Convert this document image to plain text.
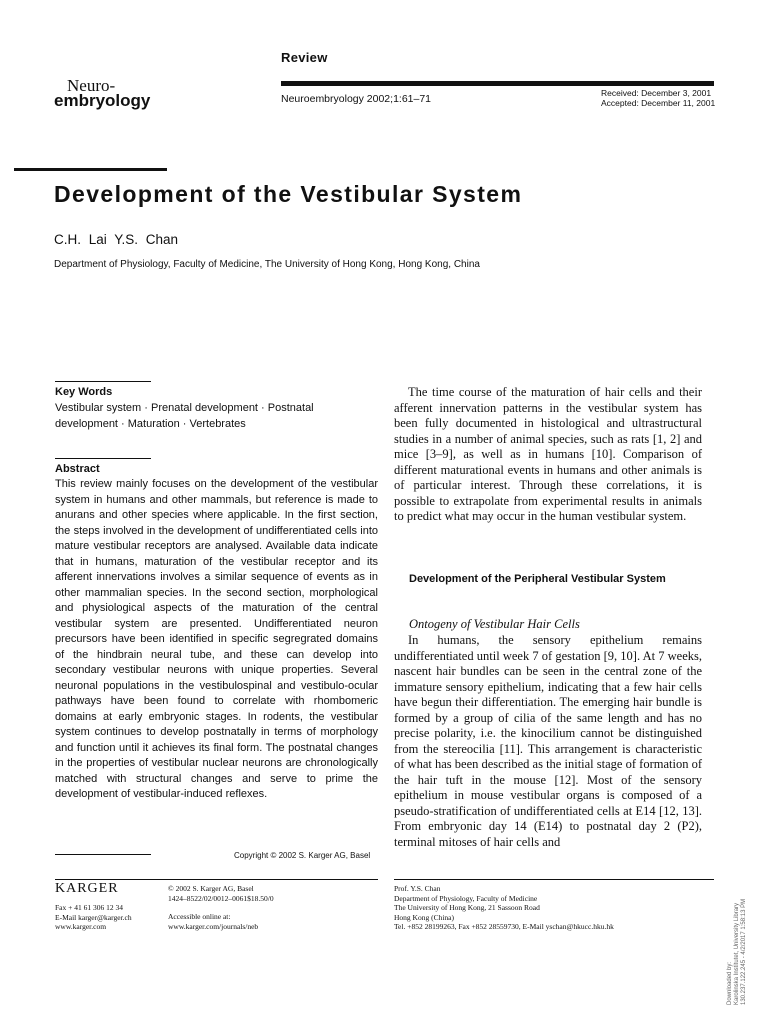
Review
Neuro-
embryology	Neuroembryology 2002;1:61–71	Received: December 3, 2001
Accepted: December 11, 2001
Development of the Vestibular System
C.H. Lai Y.S. Chan
Department of Physiology, Faculty of Medicine, The University of Hong Kong, Hong Kong, China
Key Words
Vestibular system · Prenatal development · Postnatal development · Maturation · Vertebrates
Abstract
This review mainly focuses on the development of the vestibular system in humans and other mammals, but reference is made to anurans and other species where applicable. In the first section, the steps involved in the development of undifferentiated cells into mature vestibular receptors are analysed. Available data indicate that in humans, maturation of the vestibular receptor and its afferent innervations involves a similar sequence of events as in other mammalian species. In the second section, morphological and physiological aspects of the maturation of the central vestibular system are presented. Undifferentiated neuron precursors have been identified in specific segregrated domains of the hindbrain neural tube, and these can develop into secondary vestibular neurons with unique properties. Several neuronal populations in the vestibulospinal and vestibulo-ocular pathways have been found to correlate with rhombomeric domains at early embryonic stages. In rodents, the vestibular system continues to develop postnatally in terms of morphology and function until it achieves its final form. The postnatal changes in the properties of vestibular nuclear neurons are chronologically matched with structural changes and serve to prime the development of vestibular-induced reflexes.
Copyright © 2002 S. Karger AG, Basel
The time course of the maturation of hair cells and their afferent innervation patterns in the vestibular system has been fully documented in histological and ultrastructural studies in a number of animal species, such as rats [1, 2] and mice [3–9], as well as in humans [10]. Comparison of different maturational events in humans and other animals is of particular interest. Through these correlations, it is possible to extrapolate from experimental results in animals to predict what may occur in the human vestibular system.
Development of the Peripheral Vestibular System
Ontogeny of Vestibular Hair Cells
In humans, the sensory epithelium remains undifferentiated until week 7 of gestation [9, 10]. At 7 weeks, nascent hair bundles can be seen in the central zone of the immature sensory epithelium, indicating that a few hair cells have begun their differentiation. The emerging hair bundle is formed by a group of cilia of the same length and has no precise polarity, i.e. the kinocilium cannot be distinguished from the stereocilia [11]. This arrangement is characteristic of what has been described as the initial stage of formation of the hair tuft in the mouse [12]. Most of the sensory epithelium in mouse vestibular organs is composed of a pseudo-stratification of undifferentiated cells at E14 [12, 13]. From embryonic day 14 (E14) to postnatal day 2 (P2), terminal mitoses of hair cells and
KARGER
Fax + 41 61 306 12 34
E-Mail karger@karger.ch
www.karger.com
© 2002 S. Karger AG, Basel
1424–8522/02/0012–0061$18.50/0
Accessible online at:
www.karger.com/journals/neb
Prof. Y.S. Chan
Department of Physiology, Faculty of Medicine
The University of Hong Kong, 21 Sassoon Road
Hong Kong (China)
Tel. +852 28199263, Fax +852 28559730, E-Mail yschan@hkucc.hku.hk
Downloaded by: Karolinska Institutet, University Library 130.237.122.245 - 4/2/2017 1:58:13 PM
